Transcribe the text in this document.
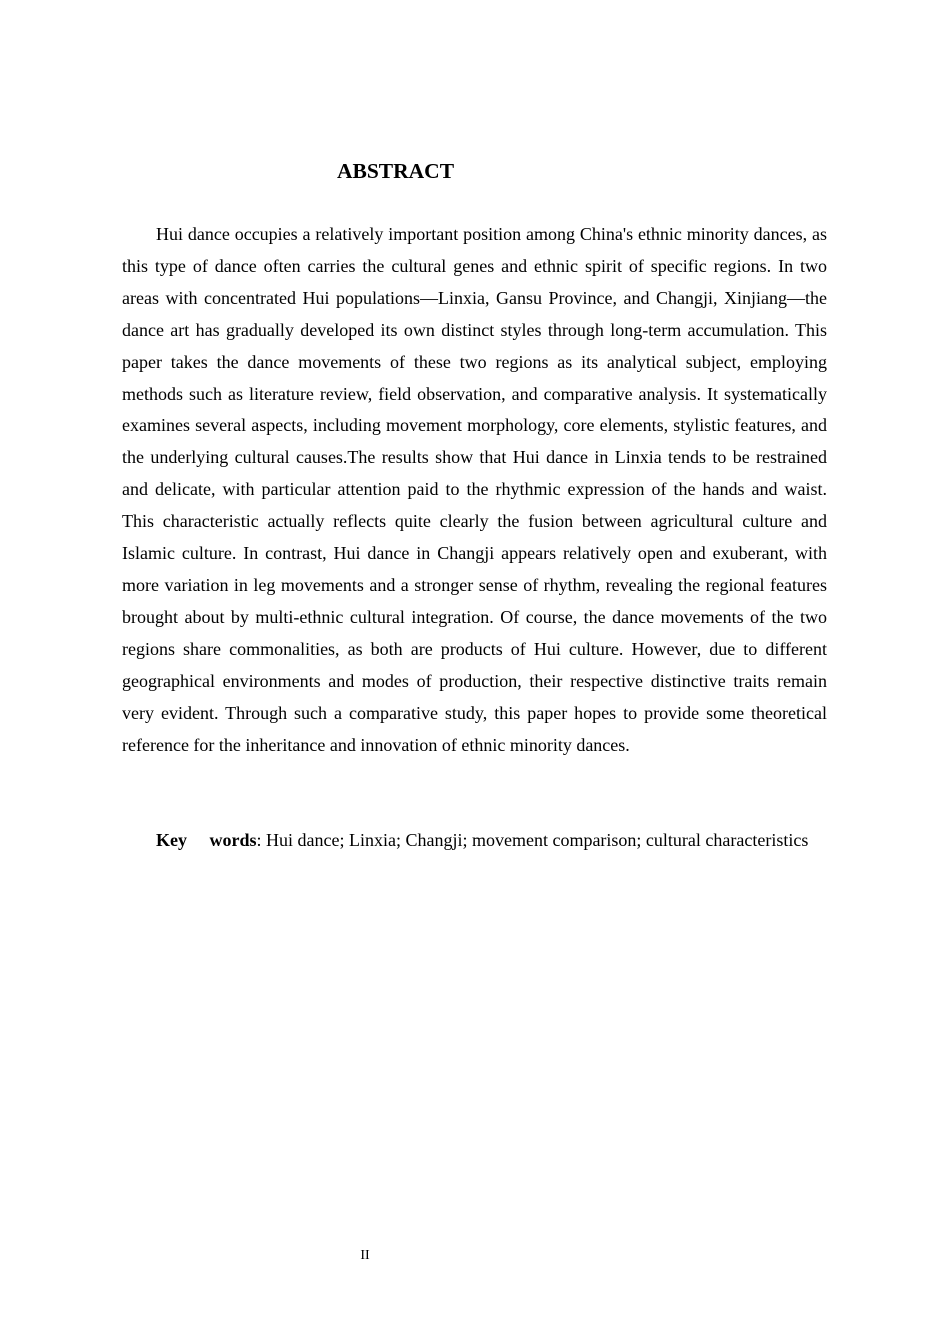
ABSTRACT

Hui dance occupies a relatively important position among China's ethnic minority dances, as this type of dance often carries the cultural genes and ethnic spirit of specific regions. In two areas with concentrated Hui populations—Linxia, Gansu Province, and Changji, Xinjiang—the dance art has gradually developed its own distinct styles through long-term accumulation. This paper takes the dance movements of these two regions as its analytical subject, employing methods such as literature review, field observation, and comparative analysis. It systematically examines several aspects, including movement morphology, core elements, stylistic features, and the underlying cultural causes.The results show that Hui dance in Linxia tends to be restrained and delicate, with particular attention paid to the rhythmic expression of the hands and waist. This characteristic actually reflects quite clearly the fusion between agricultural culture and Islamic culture. In contrast, Hui dance in Changji appears relatively open and exuberant, with more variation in leg movements and a stronger sense of rhythm, revealing the regional features brought about by multi-ethnic cultural integration. Of course, the dance movements of the two regions share commonalities, as both are products of Hui culture. However, due to different geographical environments and modes of production, their respective distinctive traits remain very evident. Through such a comparative study, this paper hopes to provide some theoretical reference for the inheritance and innovation of ethnic minority dances.

Key words: Hui dance; Linxia; Changji; movement comparison; cultural characteristics

II
